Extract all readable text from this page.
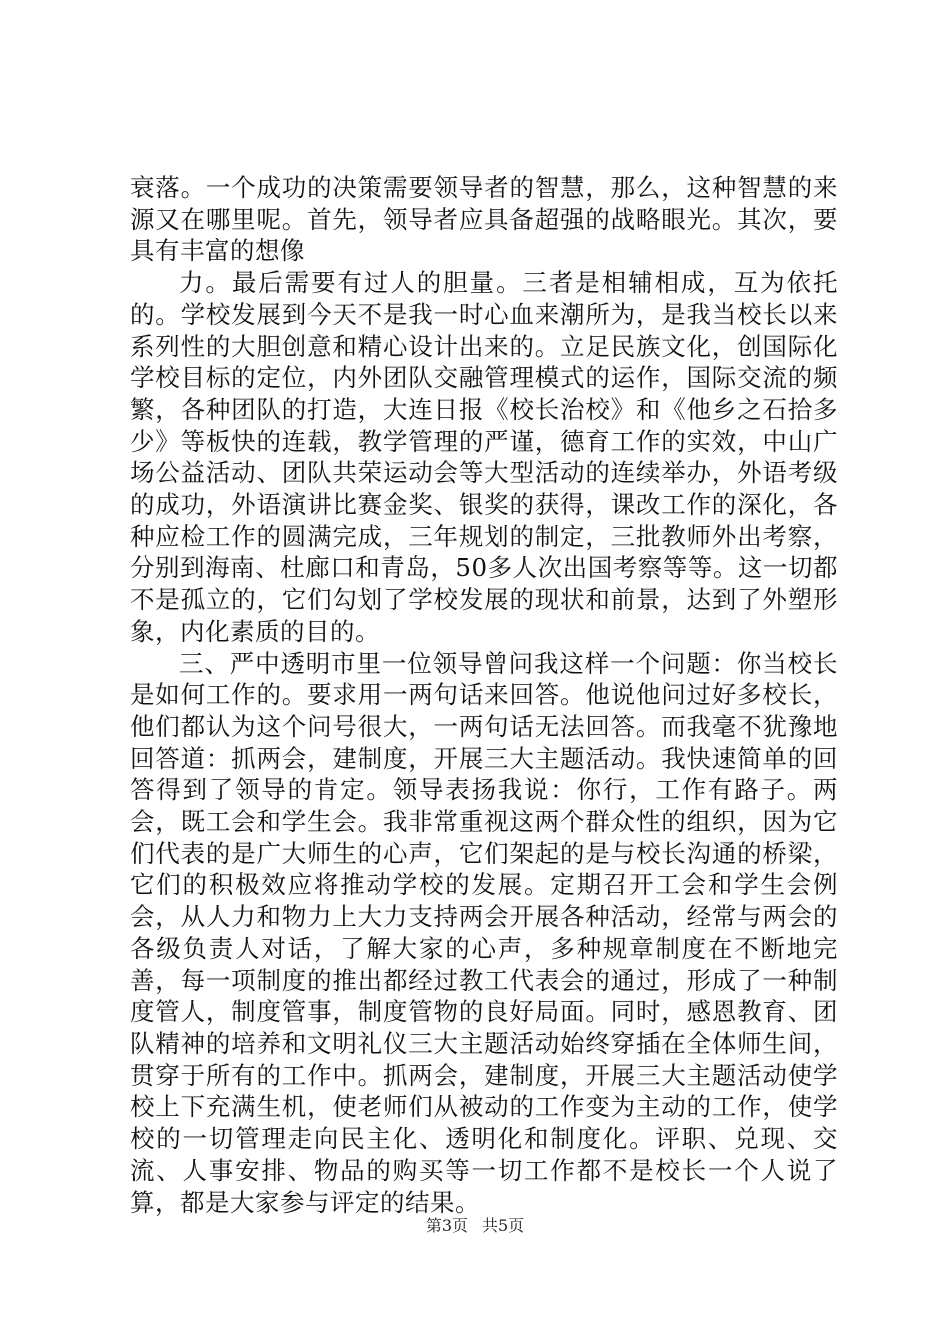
衰落。一个成功的决策需要领导者的智慧，那么，这种智慧的来源又在哪里呢。首先，领导者应具备超强的战略眼光。其次，要具有丰富的想像

力。最后需要有过人的胆量。三者是相辅相成，互为依托的。学校发展到今天不是我一时心血来潮所为，是我当校长以来系列性的大胆创意和精心设计出来的。立足民族文化，创国际化学校目标的定位，内外团队交融管理模式的运作，国际交流的频繁，各种团队的打造，大连日报《校长治校》和《他乡之石拾多少》等板快的连载，教学管理的严谨，德育工作的实效，中山广场公益活动、团队共荣运动会等大型活动的连续举办，外语考级的成功，外语演讲比赛金奖、银奖的获得，课改工作的深化，各种应检工作的圆满完成，三年规划的制定，三批教师外出考察，分别到海南、杜廊口和青岛，50多人次出国考察等等。这一切都不是孤立的，它们勾划了学校发展的现状和前景，达到了外塑形象，内化素质的目的。

三、严中透明市里一位领导曾问我这样一个问题：你当校长是如何工作的。要求用一两句话来回答。他说他问过好多校长，他们都认为这个问号很大，一两句话无法回答。而我毫不犹豫地回答道：抓两会，建制度，开展三大主题活动。我快速简单的回答得到了领导的肯定。领导表扬我说：你行，工作有路子。两会，既工会和学生会。我非常重视这两个群众性的组织，因为它们代表的是广大师生的心声，它们架起的是与校长沟通的桥梁，它们的积极效应将推动学校的发展。定期召开工会和学生会例会，从人力和物力上大力支持两会开展各种活动，经常与两会的各级负责人对话，了解大家的心声，多种规章制度在不断地完善，每一项制度的推出都经过教工代表会的通过，形成了一种制度管人，制度管事，制度管物的良好局面。同时，感恩教育、团队精神的培养和文明礼仪三大主题活动始终穿插在全体师生间，贯穿于所有的工作中。抓两会，建制度，开展三大主题活动使学校上下充满生机，使老师们从被动的工作变为主动的工作，使学校的一切管理走向民主化、透明化和制度化。评职、兑现、交流、人事安排、物品的购买等一切工作都不是校长一个人说了算，都是大家参与评定的结果。

第3页 共5页
